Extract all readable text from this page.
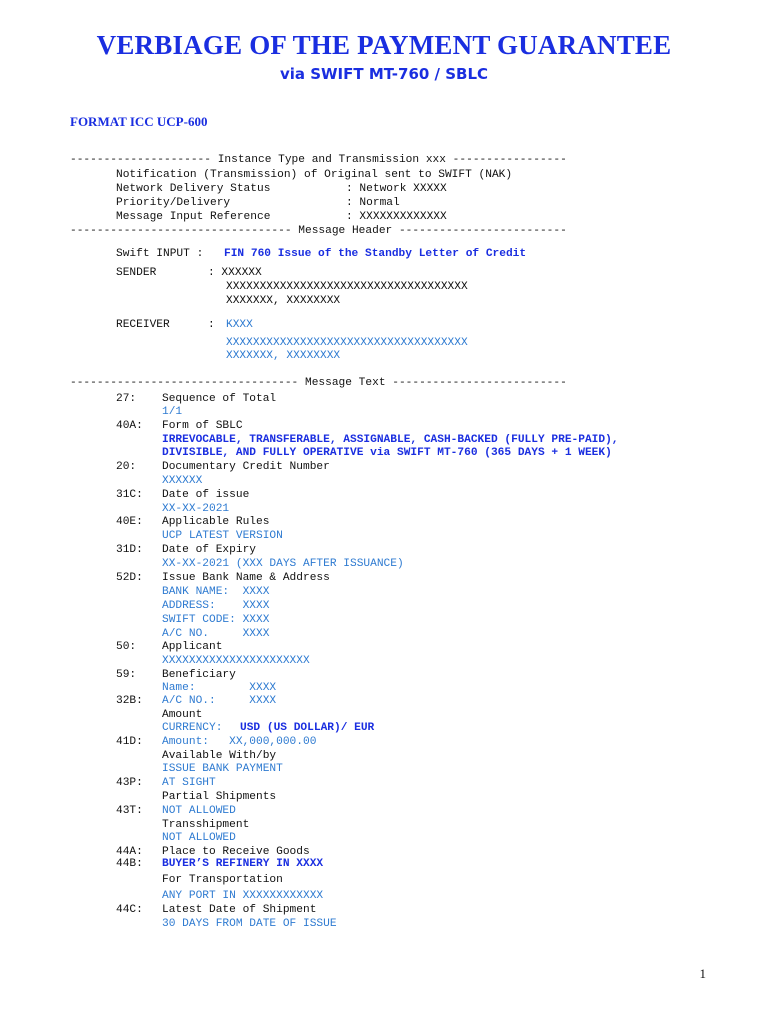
VERBIAGE OF THE PAYMENT GUARANTEE
via SWIFT MT-760 / SBLC
FORMAT ICC UCP-600
--------------------- Instance Type and Transmission xxx -----------------
Notification (Transmission) of Original sent to SWIFT (NAK)
Network Delivery Status	: Network XXXXX
Priority/Delivery	: Normal
Message Input Reference	: XXXXXXXXXXXXX
--------------------------------- Message Header -------------------------
Swift INPUT : FIN 760 Issue of the Standby Letter of Credit
SENDER	: XXXXXX
XXXXXXXXXXXXXXXXXXXXXXXXXXXXXXXXXXXX
XXXXXXX, XXXXXXXX
RECEIVER	: KXXX
XXXXXXXXXXXXXXXXXXXXXXXXXXXXXXXXXXXX
XXXXXXX, XXXXXXXX
---------------------------------- Message Text --------------------------
27: Sequence of Total
1/1
40A: Form of SBLC
IRREVOCABLE, TRANSFERABLE, ASSIGNABLE, CASH-BACKED (FULLY PRE-PAID),
DIVISIBLE, AND FULLY OPERATIVE via SWIFT MT-760 (365 DAYS + 1 WEEK)
20: Documentary Credit Number
XXXXXX
31C: Date of issue
XX-XX-2021
40E: Applicable Rules
UCP LATEST VERSION
31D: Date of Expiry
XX-XX-2021 (XXX DAYS AFTER ISSUANCE)
52D: Issue Bank Name & Address
BANK NAME:  XXXX
ADDRESS:    XXXX
SWIFT CODE: XXXX
A/C NO.     XXXX
50: Applicant
XXXXXXXXXXXXXXXXXXXXXX
59: Beneficiary
Name:        XXXX
32B: A/C NO.:     XXXX
Amount
CURRENCY: USD (US DOLLAR)/ EUR
41D: Amount:   XX,000,000.00
Available With/by
ISSUE BANK PAYMENT
43P: AT SIGHT
Partial Shipments
43T: NOT ALLOWED
Transshipment
NOT ALLOWED
44A: Place to Receive Goods
44B: BUYER’S REFINERY IN XXXX
For Transportation
ANY PORT IN XXXXXXXXXXXX
44C: Latest Date of Shipment
30 DAYS FROM DATE OF ISSUE
1
